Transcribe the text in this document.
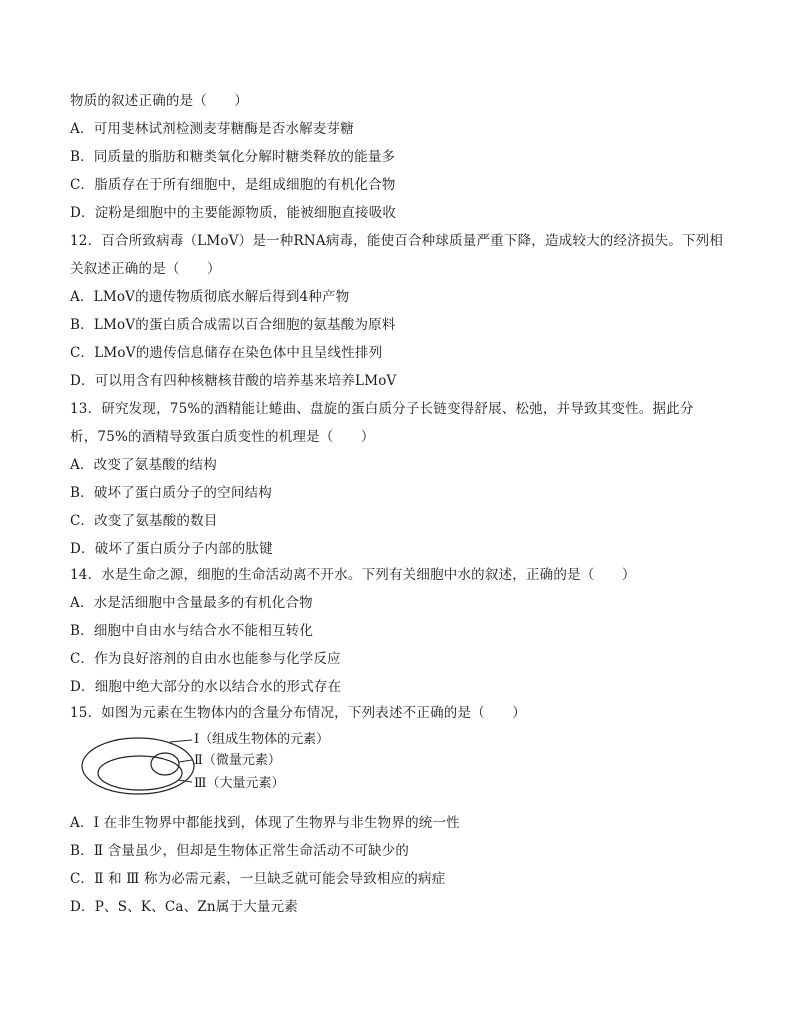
物质的叙述正确的是（　　）
A．可用斐林试剂检测麦芽糖酶是否水解麦芽糖
B．同质量的脂肪和糖类氧化分解时糖类释放的能量多
C．脂质存在于所有细胞中，是组成细胞的有机化合物
D．淀粉是细胞中的主要能源物质，能被细胞直接吸收
12．百合所致病毒（LMoV）是一种RNA病毒，能使百合种球质量严重下降，造成较大的经济损失。下列相
关叙述正确的是（　　）
A．LMoV的遗传物质彻底水解后得到4种产物
B．LMoV的蛋白质合成需以百合细胞的氨基酸为原料
C．LMoV的遗传信息储存在染色体中且呈线性排列
D．可以用含有四种核糖核苷酸的培养基来培养LMoV
13．研究发现，75%的酒精能让蜷曲、盘旋的蛋白质分子长链变得舒展、松弛，并导致其变性。据此分
析，75%的酒精导致蛋白质变性的机理是（　　）
A．改变了氨基酸的结构
B．破坏了蛋白质分子的空间结构
C．改变了氨基酸的数目
D．破坏了蛋白质分子内部的肽键
14．水是生命之源，细胞的生命活动离不开水。下列有关细胞中水的叙述，正确的是（　　）
A．水是活细胞中含量最多的有机化合物
B．细胞中自由水与结合水不能相互转化
C．作为良好溶剂的自由水也能参与化学反应
D．细胞中绝大部分的水以结合水的形式存在
15．如图为元素在生物体内的含量分布情况，下列表述不正确的是（　　）
Ⅰ（组成生物体的元素）
Ⅱ（微量元素）
Ⅲ（大量元素）
A．Ⅰ 在非生物界中都能找到，体现了生物界与非生物界的统一性
B．Ⅱ 含量虽少，但却是生物体正常生命活动不可缺少的
C．Ⅱ 和 Ⅲ 称为必需元素，一旦缺乏就可能会导致相应的病症
D．P、S、K、Ca、Zn属于大量元素
